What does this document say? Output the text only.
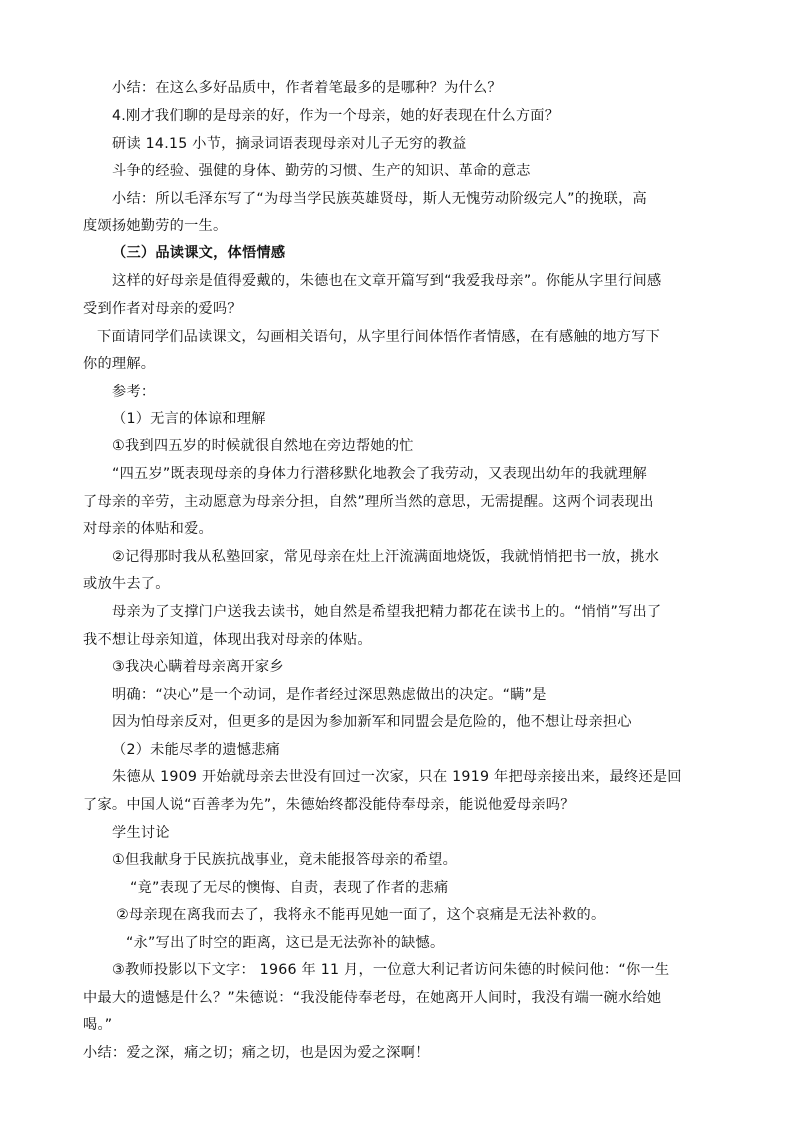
小结：在这么多好品质中，作者着笔最多的是哪种？为什么？
4.刚才我们聊的是母亲的好，作为一个母亲，她的好表现在什么方面？
研读 14.15 小节，摘录词语表现母亲对儿子无穷的教益
斗争的经验、强健的身体、勤劳的习惯、生产的知识、革命的意志
小结：所以毛泽东写了“为母当学民族英雄贤母，斯人无愧劳动阶级完人”的挽联，高
度颂扬她勤劳的一生。
（三）品读课文，体悟情感
这样的好母亲是值得爱戴的，朱德也在文章开篇写到“我爱我母亲”。你能从字里行间感
受到作者对母亲的爱吗？
下面请同学们品读课文，勾画相关语句，从字里行间体悟作者情感，在有感触的地方写下
你的理解。
参考：
（1）无言的体谅和理解
①我到四五岁的时候就很自然地在旁边帮她的忙
“四五岁”既表现母亲的身体力行潜移默化地教会了我劳动，又表现出幼年的我就理解
了母亲的辛劳，主动愿意为母亲分担，自然”理所当然的意思，无需提醒。这两个词表现出
对母亲的体贴和爱。
②记得那时我从私塾回家，常见母亲在灶上汗流满面地烧饭，我就悄悄把书一放，挑水
或放牛去了。
母亲为了支撑门户送我去读书，她自然是希望我把精力都花在读书上的。“悄悄”写出了
我不想让母亲知道，体现出我对母亲的体贴。
③我决心瞒着母亲离开家乡
明确：“决心”是一个动词，是作者经过深思熟虑做出的决定。“瞒”是
因为怕母亲反对，但更多的是因为参加新军和同盟会是危险的，他不想让母亲担心
（2）未能尽孝的遗憾悲痛
朱德从 1909 开始就母亲去世没有回过一次家，只在 1919 年把母亲接出来，最终还是回
了家。中国人说“百善孝为先”，朱德始终都没能侍奉母亲，能说他爱母亲吗？
学生讨论
①但我献身于民族抗战事业，竟未能报答母亲的希望。
“竟”表现了无尽的懊悔、自责，表现了作者的悲痛
②母亲现在离我而去了，我将永不能再见她一面了，这个哀痛是无法补救的。
“永”写出了时空的距离，这已是无法弥补的缺憾。
③教师投影以下文字： 1966 年 11 月，一位意大利记者访问朱德的时候问他：“你一生
中最大的遗憾是什么？”朱德说：“我没能侍奉老母，在她离开人间时，我没有端一碗水给她
喝。”
小结：爱之深，痛之切；痛之切，也是因为爱之深啊！
